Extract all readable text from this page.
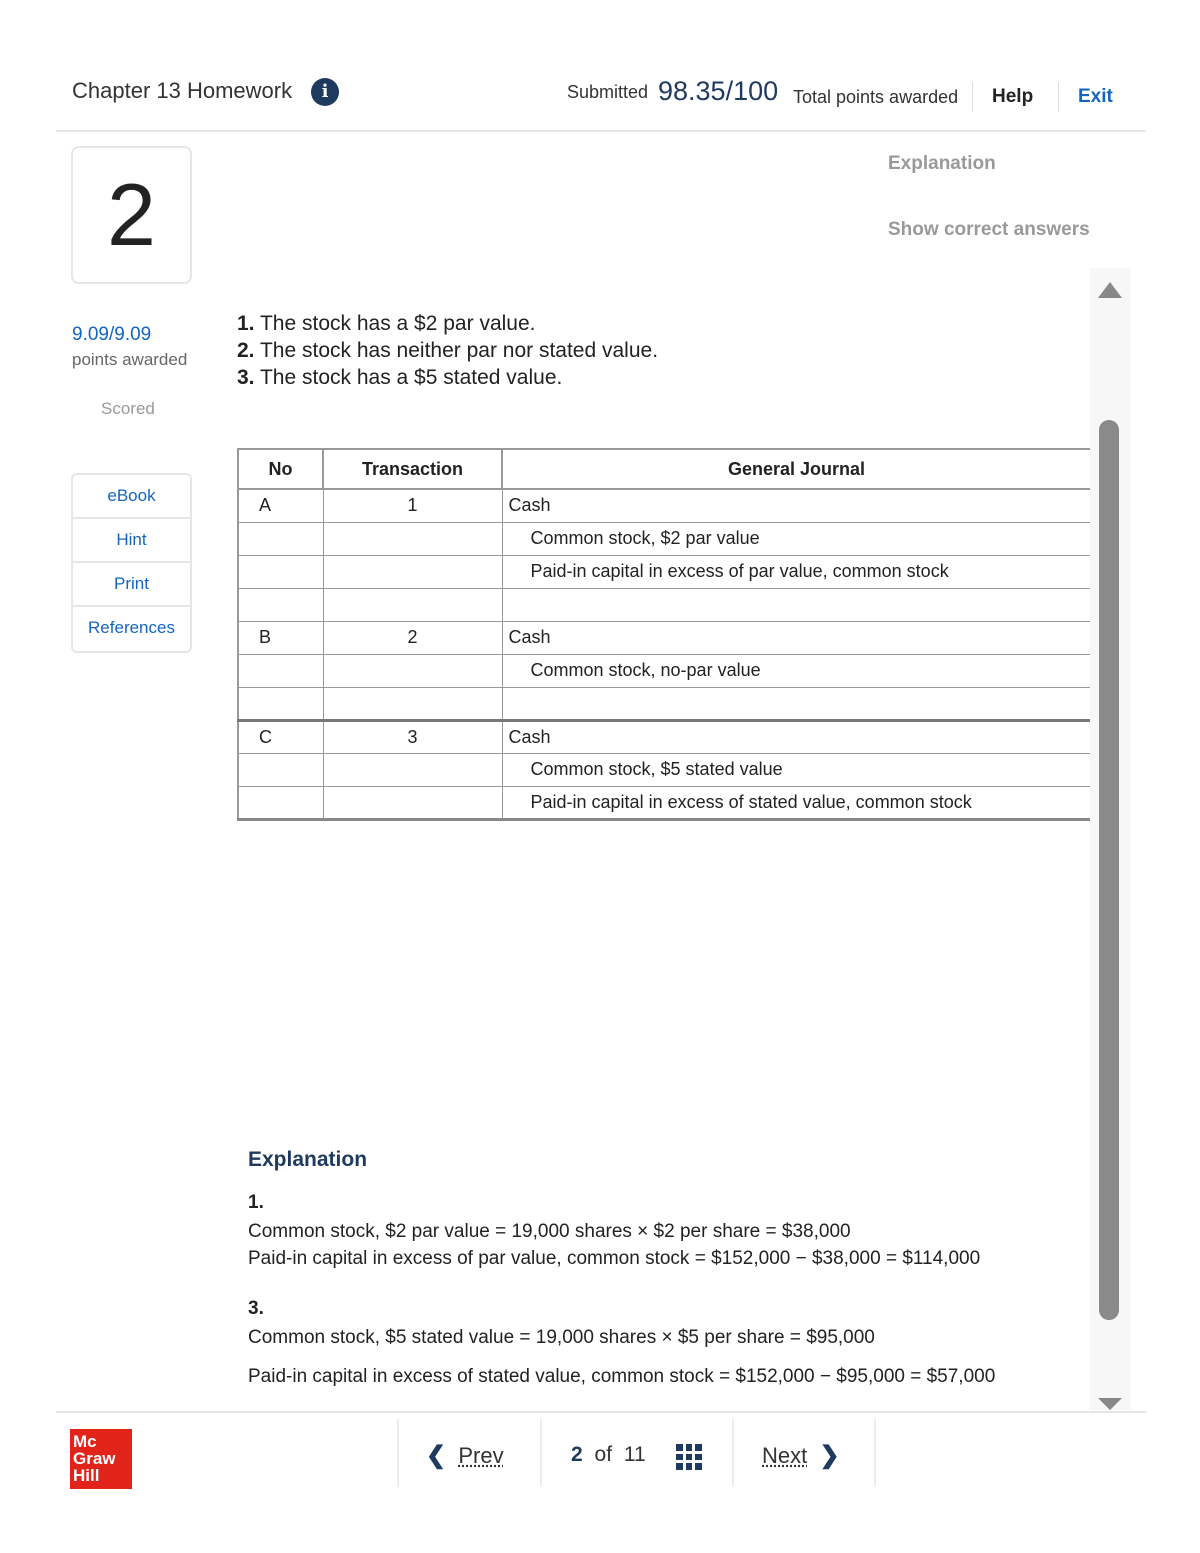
Chapter 13 Homework	i	Submitted 98.35/100 Total points awarded Help Exit
2
9.09/9.09
points awarded
Scored
eBook
Hint
Print
References
Explanation
Show correct answers
1. The stock has a $2 par value.
2. The stock has neither par nor stated value.
3. The stock has a $5 stated value.
No	Transaction	General Journal
A	1	Cash
		Common stock, $2 par value
		Paid-in capital in excess of par value, common stock

B	2	Cash
		Common stock, no-par value

C	3	Cash
		Common stock, $5 stated value
		Paid-in capital in excess of stated value, common stock
Explanation
1.
Common stock, $2 par value = 19,000 shares × $2 per share = $38,000
Paid-in capital in excess of par value, common stock = $152,000 − $38,000 = $114,000
3.
Common stock, $5 stated value = 19,000 shares × $5 per share = $95,000
Paid-in capital in excess of stated value, common stock = $152,000 − $95,000 = $57,000
Mc
Graw
Hill
❮ Prev	2 of 11	Next ❯
